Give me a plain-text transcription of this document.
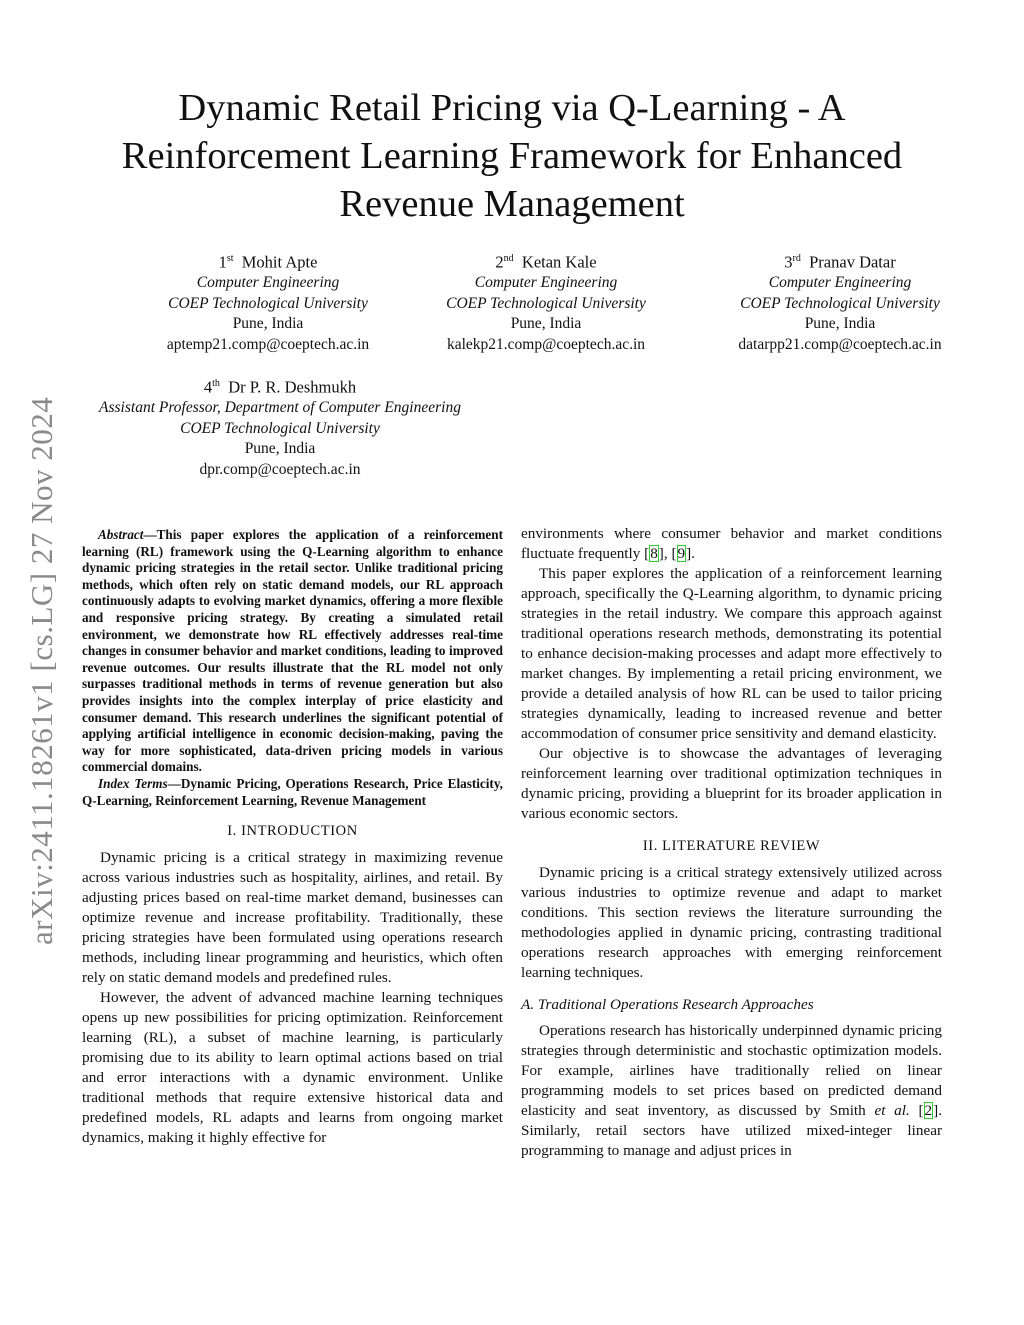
arXiv:2411.18261v1 [cs.LG] 27 Nov 2024
Dynamic Retail Pricing via Q-Learning - A Reinforcement Learning Framework for Enhanced Revenue Management
1st Mohit Apte
Computer Engineering
COEP Technological University
Pune, India
aptemp21.comp@coeptech.ac.in
2nd Ketan Kale
Computer Engineering
COEP Technological University
Pune, India
kalekp21.comp@coeptech.ac.in
3rd Pranav Datar
Computer Engineering
COEP Technological University
Pune, India
datarpp21.comp@coeptech.ac.in
4th Dr P. R. Deshmukh
Assistant Professor, Department of Computer Engineering
COEP Technological University
Pune, India
dpr.comp@coeptech.ac.in

Abstract—This paper explores the application of a reinforcement learning (RL) framework using the Q-Learning algorithm to enhance dynamic pricing strategies in the retail sector. Unlike traditional pricing methods, which often rely on static demand models, our RL approach continuously adapts to evolving market dynamics, offering a more flexible and responsive pricing strategy. By creating a simulated retail environment, we demonstrate how RL effectively addresses real-time changes in consumer behavior and market conditions, leading to improved revenue outcomes. Our results illustrate that the RL model not only surpasses traditional methods in terms of revenue generation but also provides insights into the complex interplay of price elasticity and consumer demand. This research underlines the significant potential of applying artificial intelligence in economic decision-making, paving the way for more sophisticated, data-driven pricing models in various commercial domains.

Index Terms—Dynamic Pricing, Operations Research, Price Elasticity, Q-Learning, Reinforcement Learning, Revenue Management

I. INTRODUCTION

Dynamic pricing is a critical strategy in maximizing revenue across various industries such as hospitality, airlines, and retail. By adjusting prices based on real-time market demand, businesses can optimize revenue and increase profitability. Traditionally, these pricing strategies have been formulated using operations research methods, including linear programming and heuristics, which often rely on static demand models and predefined rules.

However, the advent of advanced machine learning techniques opens up new possibilities for pricing optimization. Reinforcement learning (RL), a subset of machine learning, is particularly promising due to its ability to learn optimal actions based on trial and error interactions with a dynamic environment. Unlike traditional methods that require extensive historical data and predefined models, RL adapts and learns from ongoing market dynamics, making it highly effective for

environments where consumer behavior and market conditions fluctuate frequently [8], [9].

This paper explores the application of a reinforcement learning approach, specifically the Q-Learning algorithm, to dynamic pricing strategies in the retail industry. We compare this approach against traditional operations research methods, demonstrating its potential to enhance decision-making processes and adapt more effectively to market changes. By implementing a retail pricing environment, we provide a detailed analysis of how RL can be used to tailor pricing strategies dynamically, leading to increased revenue and better accommodation of consumer price sensitivity and demand elasticity.

Our objective is to showcase the advantages of leveraging reinforcement learning over traditional optimization techniques in dynamic pricing, providing a blueprint for its broader application in various economic sectors.

II. LITERATURE REVIEW

Dynamic pricing is a critical strategy extensively utilized across various industries to optimize revenue and adapt to market conditions. This section reviews the literature surrounding the methodologies applied in dynamic pricing, contrasting traditional operations research approaches with emerging reinforcement learning techniques.

A. Traditional Operations Research Approaches

Operations research has historically underpinned dynamic pricing strategies through deterministic and stochastic optimization models. For example, airlines have traditionally relied on linear programming models to set prices based on predicted demand elasticity and seat inventory, as discussed by Smith et al. [2]. Similarly, retail sectors have utilized mixed-integer linear programming to manage and adjust prices in
